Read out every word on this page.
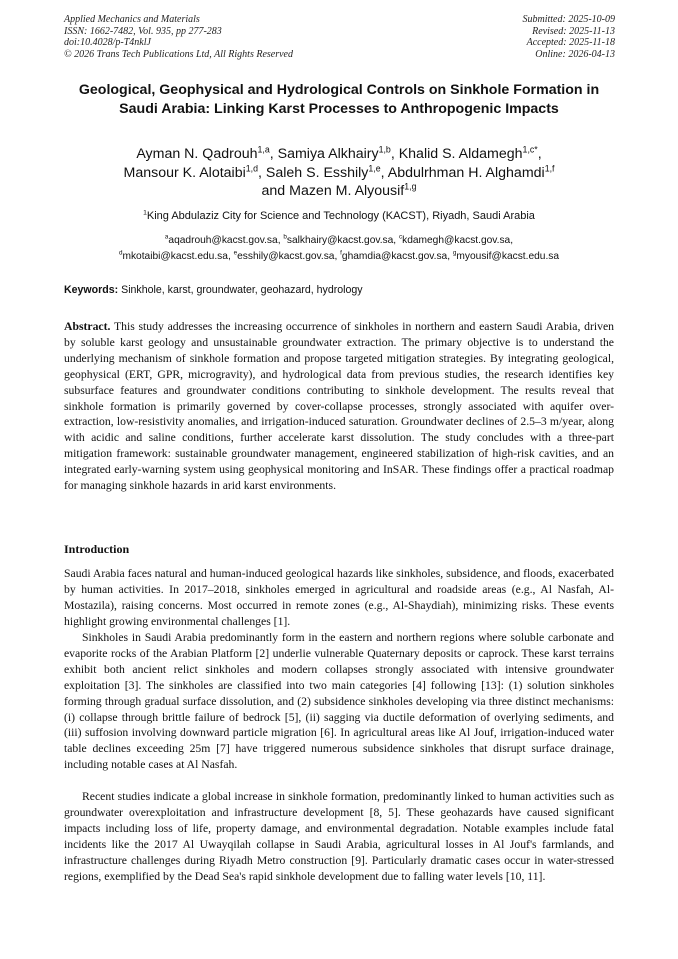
Applied Mechanics and Materials
ISSN: 1662-7482, Vol. 935, pp 277-283
doi:10.4028/p-T4nklJ
© 2026 Trans Tech Publications Ltd, All Rights Reserved
Submitted: 2025-10-09
Revised: 2025-11-13
Accepted: 2025-11-18
Online: 2026-04-13
Geological, Geophysical and Hydrological Controls on Sinkhole Formation in Saudi Arabia: Linking Karst Processes to Anthropogenic Impacts
Ayman N. Qadrouh$^{1,a}$, Samiya Alkhairy$^{1,b}$, Khalid S. Aldamegh$^{1,c*}$,
Mansour K. Alotaibi$^{1,d}$, Saleh S. Esshily$^{1,e}$, Abdulrhman H. Alghamdi$^{1,f}$
and Mazen M. Alyousif$^{1,g}$
$^1$King Abdulaziz City for Science and Technology (KACST), Riyadh, Saudi Arabia
$^a$aqadrouh@kacst.gov.sa, $^b$salkhairy@kacst.gov.sa, $^c$kdamegh@kacst.gov.sa,
$^d$mkotaibi@kacst.edu.sa, $^e$esshily@kacst.gov.sa, $^f$ghamdia@kacst.gov.sa, $^g$myousif@kacst.edu.sa
Keywords: Sinkhole, karst, groundwater, geohazard, hydrology

Abstract. This study addresses the increasing occurrence of sinkholes in northern and eastern Saudi Arabia, driven by soluble karst geology and unsustainable groundwater extraction. The primary objective is to understand the underlying mechanism of sinkhole formation and propose targeted mitigation strategies. By integrating geological, geophysical (ERT, GPR, microgravity), and hydrological data from previous studies, the research identifies key subsurface features and groundwater conditions contributing to sinkhole development. The results reveal that sinkhole formation is primarily governed by cover-collapse processes, strongly associated with aquifer over-extraction, low-resistivity anomalies, and irrigation-induced saturation. Groundwater declines of 2.5–3 m/year, along with acidic and saline conditions, further accelerate karst dissolution. The study concludes with a three-part mitigation framework: sustainable groundwater management, engineered stabilization of high-risk cavities, and an integrated early-warning system using geophysical monitoring and InSAR. These findings offer a practical roadmap for managing sinkhole hazards in arid karst environments.

Introduction

Saudi Arabia faces natural and human-induced geological hazards like sinkholes, subsidence, and floods, exacerbated by human activities. In 2017–2018, sinkholes emerged in agricultural and roadside areas (e.g., Al Nasfah, Al-Mostazila), raising concerns. Most occurred in remote zones (e.g., Al-Shaydiah), minimizing risks. These events highlight growing environmental challenges [1].

Sinkholes in Saudi Arabia predominantly form in the eastern and northern regions where soluble carbonate and evaporite rocks of the Arabian Platform [2] underlie vulnerable Quaternary deposits or caprock. These karst terrains exhibit both ancient relict sinkholes and modern collapses strongly associated with intensive groundwater exploitation [3]. The sinkholes are classified into two main categories [4] following [13]: (1) solution sinkholes forming through gradual surface dissolution, and (2) subsidence sinkholes developing via three distinct mechanisms: (i) collapse through brittle failure of bedrock [5], (ii) sagging via ductile deformation of overlying sediments, and (iii) suffosion involving downward particle migration [6]. In agricultural areas like Al Jouf, irrigation-induced water table declines exceeding 25m [7] have triggered numerous subsidence sinkholes that disrupt surface drainage, including notable cases at Al Nasfah.

Recent studies indicate a global increase in sinkhole formation, predominantly linked to human activities such as groundwater overexploitation and infrastructure development [8, 5]. These geohazards have caused significant impacts including loss of life, property damage, and environmental degradation. Notable examples include fatal incidents like the 2017 Al Uwayqilah collapse in Saudi Arabia, agricultural losses in Al Jouf's farmlands, and infrastructure challenges during Riyadh Metro construction [9]. Particularly dramatic cases occur in water-stressed regions, exemplified by the Dead Sea's rapid sinkhole development due to falling water levels [10, 11].
